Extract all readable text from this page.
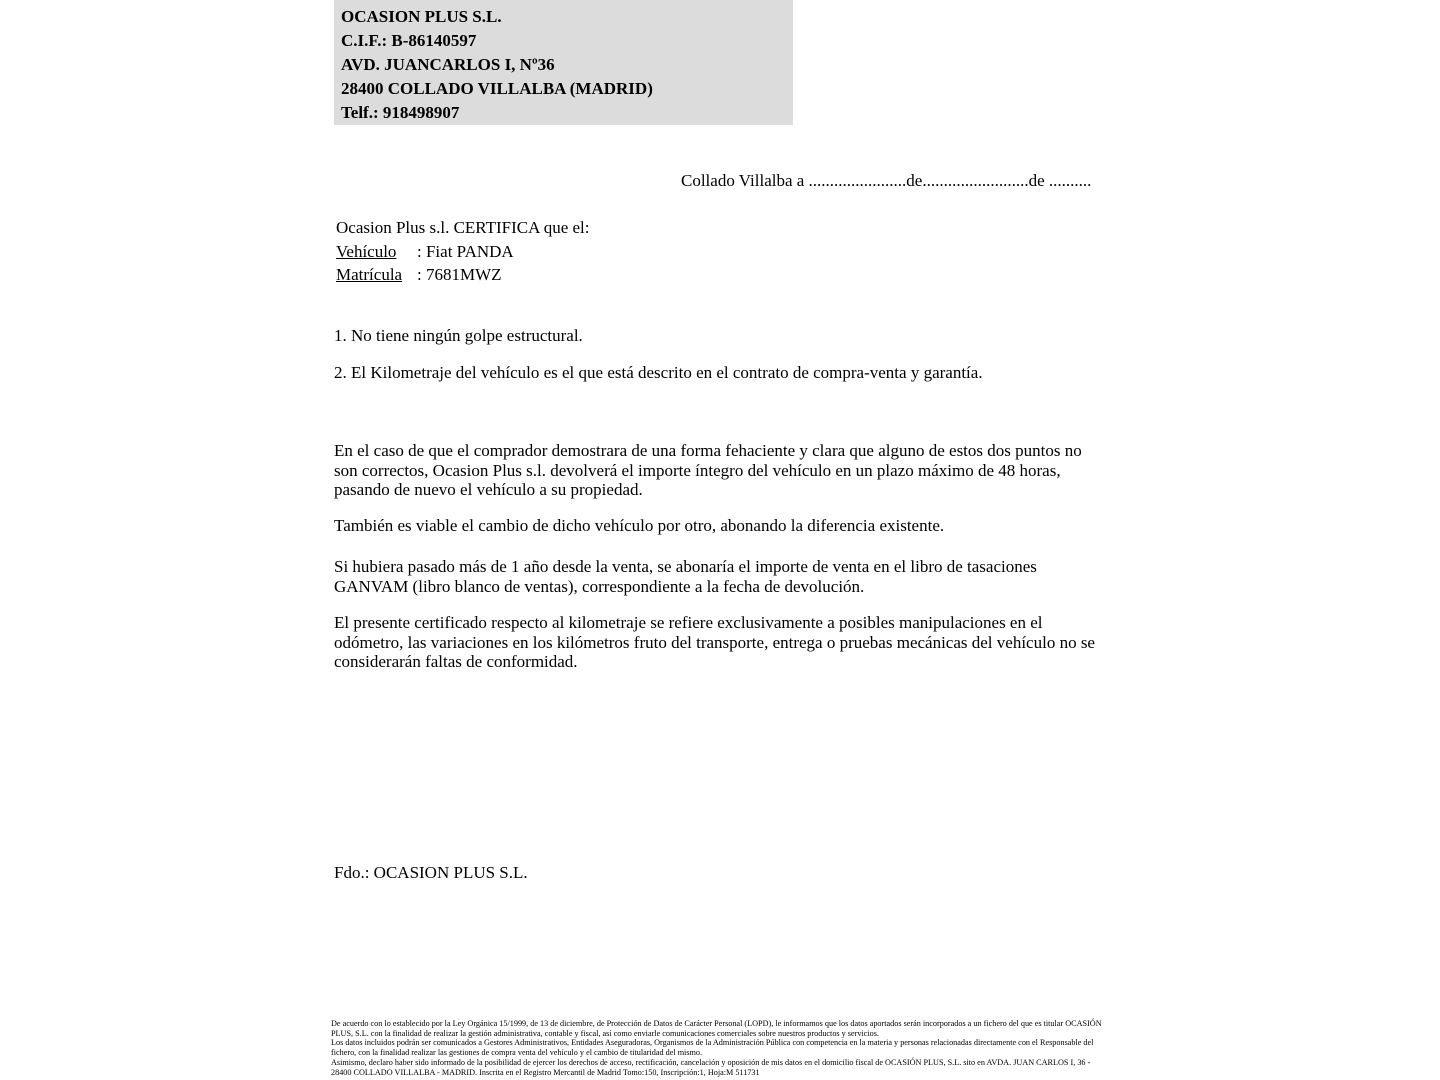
OCASION PLUS S.L.
C.I.F.: B-86140597
AVD. JUANCARLOS I, Nº36
28400 COLLADO VILLALBA (MADRID)
Telf.: 918498907
Collado Villalba a .......................de.........................de ..........
Ocasion Plus s.l. CERTIFICA que el:
Vehículo : Fiat PANDA
Matrícula : 7681MWZ
1. No tiene ningún golpe estructural.
2. El Kilometraje del vehículo es el que está descrito en el contrato de compra-venta y garantía.
En el caso de que el comprador demostrara de una forma fehaciente y clara que alguno de estos dos puntos no son correctos, Ocasion Plus s.l. devolverá el importe íntegro del vehículo en un plazo máximo de 48 horas, pasando de nuevo el vehículo a su propiedad.
También es viable el cambio de dicho vehículo por otro, abonando la diferencia existente.
Si hubiera pasado más de 1 año desde la venta, se abonaría el importe de venta en el libro de tasaciones GANVAM (libro blanco de ventas), correspondiente a la fecha de devolución.
El presente certificado respecto al kilometraje se refiere exclusivamente a posibles manipulaciones en el odómetro, las variaciones en los kilómetros fruto del transporte, entrega o pruebas mecánicas del vehículo no se considerarán faltas de conformidad.
Fdo.: OCASION PLUS S.L.

De acuerdo con lo establecido por la Ley Orgánica 15/1999, de 13 de diciembre, de Protección de Datos de Carácter Personal (LOPD), le informamos que los datos aportados serán incorporados a un fichero del que es titular OCASIÓN PLUS, S.L. con la finalidad de realizar la gestión administrativa, contable y fiscal, así como enviarle comunicaciones comerciales sobre nuestros productos y servicios.

Los datos incluidos podrán ser comunicados a Gestores Administrativos, Entidades Aseguradoras, Organismos de la Administración Pública con competencia en la materia y personas relacionadas directamente con el Responsable del fichero, con la finalidad realizar las gestiones de compra venta del vehículo y el cambio de titularidad del mismo.

Asimismo, declaro haber sido informado de la posibilidad de ejercer los derechos de acceso, rectificación, cancelación y oposición de mis datos en el domicilio fiscal de OCASIÓN PLUS, S.L. sito en AVDA. JUAN CARLOS I, 36 - 28400 COLLADO VILLALBA - MADRID. Inscrita en el Registro Mercantil de Madrid Tomo:150, Inscripción:1, Hoja:M 511731
